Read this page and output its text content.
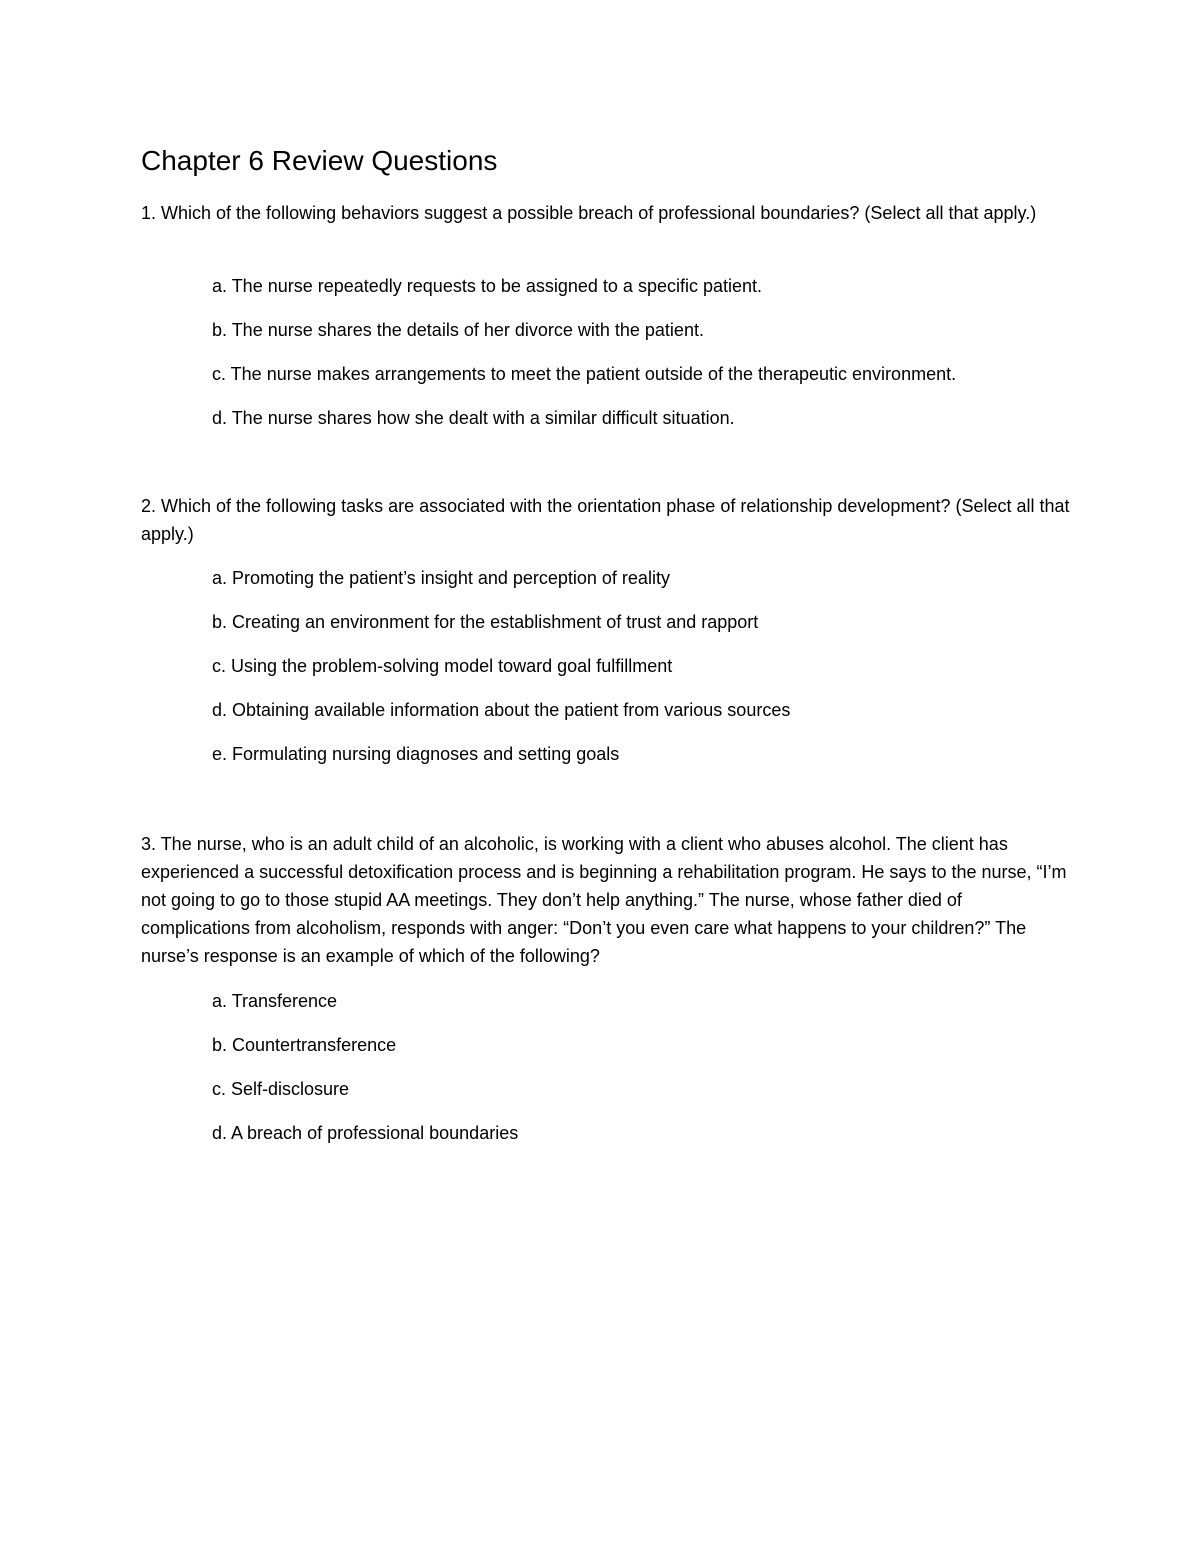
Chapter 6 Review Questions

1. Which of the following behaviors suggest a possible breach of professional boundaries? (Select all that apply.)

a. The nurse repeatedly requests to be assigned to a specific patient.
b. The nurse shares the details of her divorce with the patient.
c. The nurse makes arrangements to meet the patient outside of the therapeutic environment.
d. The nurse shares how she dealt with a similar difficult situation.

2. Which of the following tasks are associated with the orientation phase of relationship development? (Select all that apply.)

a. Promoting the patient’s insight and perception of reality
b. Creating an environment for the establishment of trust and rapport
c. Using the problem-solving model toward goal fulfillment
d. Obtaining available information about the patient from various sources
e. Formulating nursing diagnoses and setting goals

3. The nurse, who is an adult child of an alcoholic, is working with a client who abuses alcohol. The client has experienced a successful detoxification process and is beginning a rehabilitation program. He says to the nurse, “I’m not going to go to those stupid AA meetings. They don’t help anything.” The nurse, whose father died of complications from alcoholism, responds with anger: “Don’t you even care what happens to your children?” The nurse’s response is an example of which of the following?

a. Transference
b. Countertransference
c. Self-disclosure
d. A breach of professional boundaries
